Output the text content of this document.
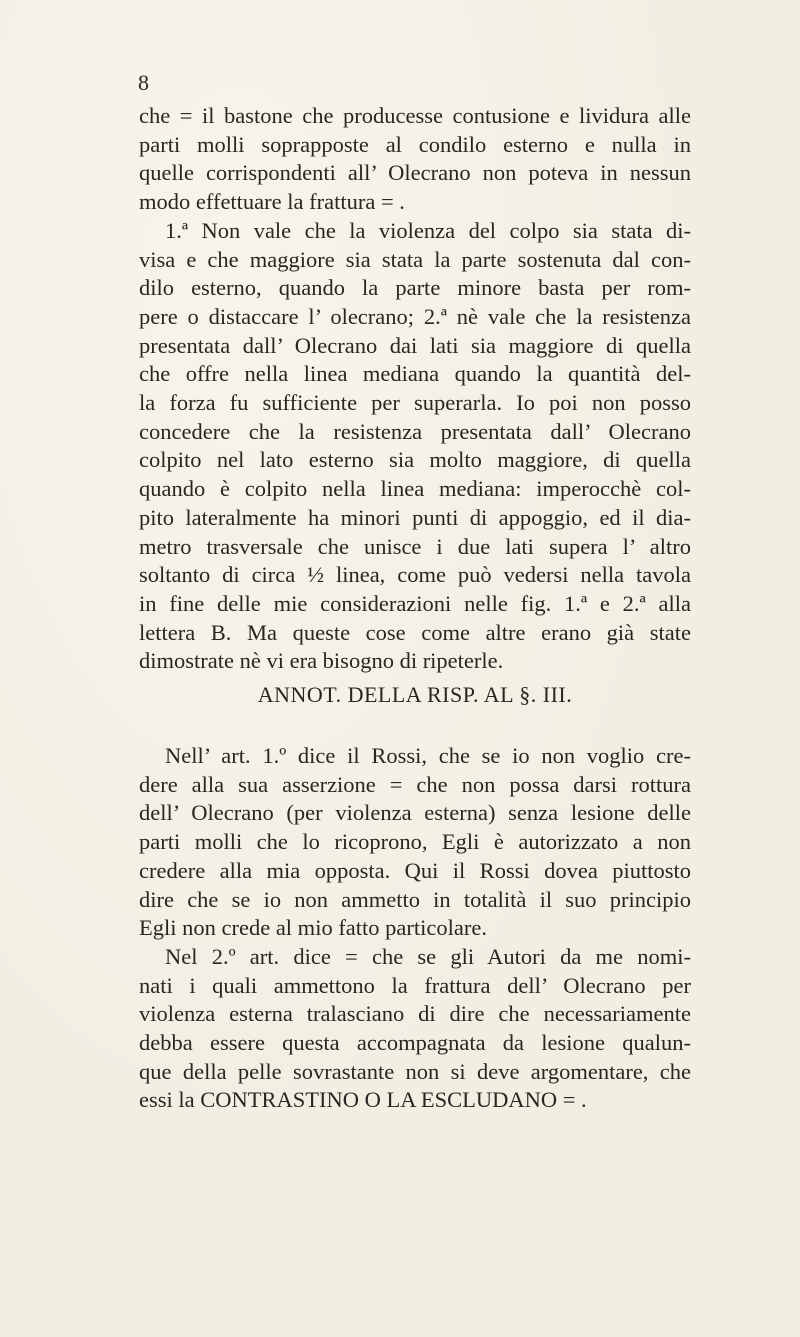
8
che = il bastone che producesse contusione e lividura alle
parti molli soprapposte al condilo esterno e nulla in
quelle corrispondenti all’ Olecrano non poteva in nessun
modo effettuare la frattura = .
1.ª Non vale che la violenza del colpo sia stata di-
visa e che maggiore sia stata la parte sostenuta dal con-
dilo esterno, quando la parte minore basta per rom-
pere o distaccare l’ olecrano; 2.ª nè vale che la resistenza
presentata dall’ Olecrano dai lati sia maggiore di quella
che offre nella linea mediana quando la quantità del-
la forza fu sufficiente per superarla. Io poi non posso
concedere che la resistenza presentata dall’ Olecrano
colpito nel lato esterno sia molto maggiore, di quella
quando è colpito nella linea mediana: imperocchè col-
pito lateralmente ha minori punti di appoggio, ed il dia-
metro trasversale che unisce i due lati supera l’ altro
soltanto di circa ½ linea, come può vedersi nella tavola
in fine delle mie considerazioni nelle fig. 1.ª e 2.ª alla
lettera B. Ma queste cose come altre erano già state
dimostrate nè vi era bisogno di ripeterle.
ANNOT. DELLA RISP. AL §. III.
Nell’ art. 1.º dice il Rossi, che se io non voglio cre-
dere alla sua asserzione = che non possa darsi rottura
dell’ Olecrano (per violenza esterna) senza lesione delle
parti molli che lo ricoprono, Egli è autorizzato a non
credere alla mia opposta. Qui il Rossi dovea piuttosto
dire che se io non ammetto in totalità il suo principio
Egli non crede al mio fatto particolare.
Nel 2.º art. dice = che se gli Autori da me nomi-
nati i quali ammettono la frattura dell’ Olecrano per
violenza esterna tralasciano di dire che necessariamente
debba essere questa accompagnata da lesione qualun-
que della pelle sovrastante non si deve argomentare, che
essi la CONTRASTINO O LA ESCLUDANO = .
